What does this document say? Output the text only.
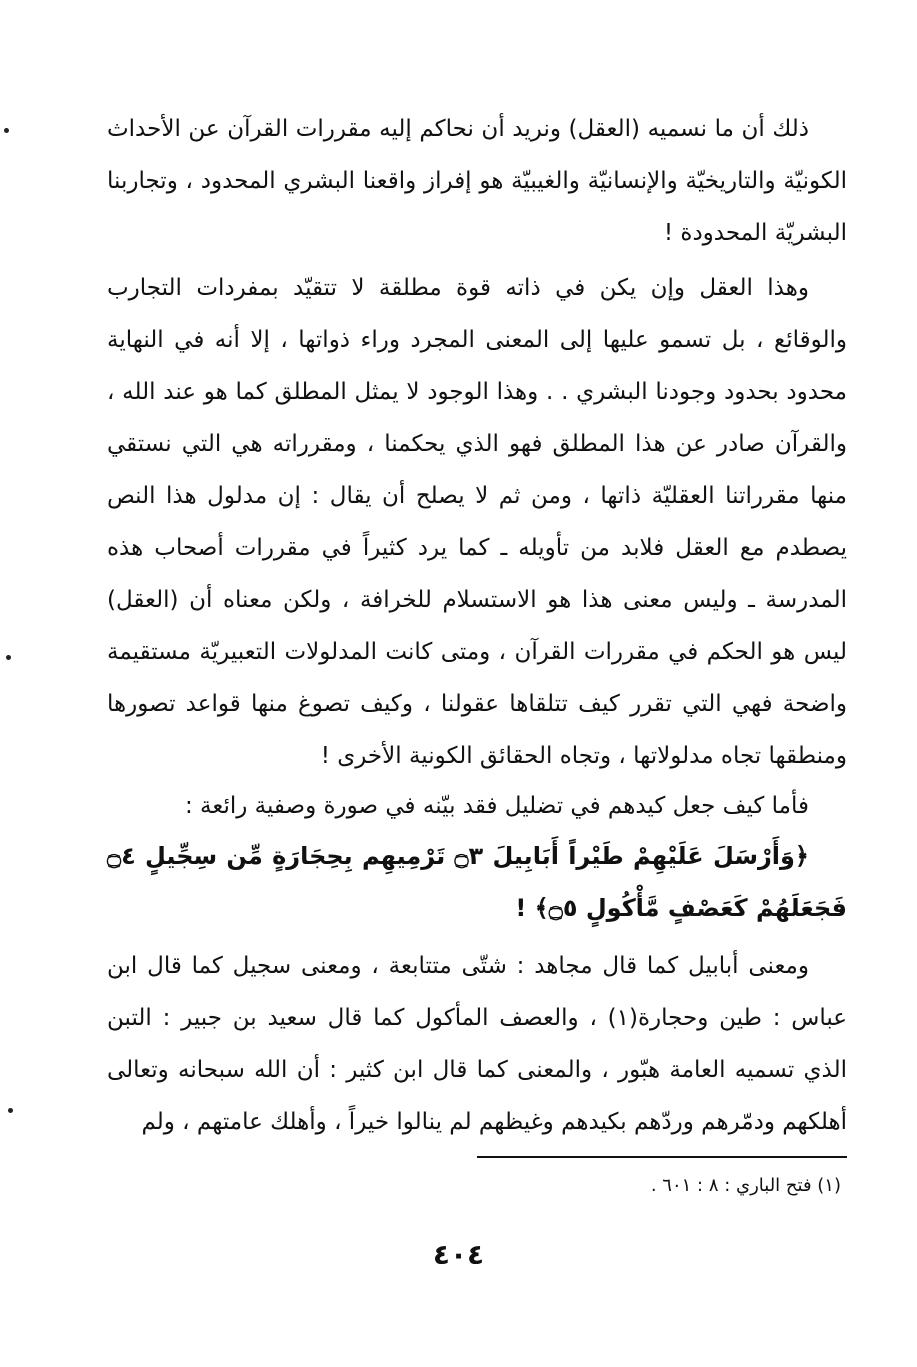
ذلك أن ما نسميه (العقل) ونريد أن نحاكم إليه مقررات القرآن عن الأحداث الكونيّة والتاريخيّة والإنسانيّة والغيبيّة هو إفراز واقعنا البشري المحدود ، وتجاربنا البشريّة المحدودة !

وهذا العقل وإن يكن في ذاته قوة مطلقة لا تتقيّد بمفردات التجارب والوقائع ، بل تسمو عليها إلى المعنى المجرد وراء ذواتها ، إلا أنه في النهاية محدود بحدود وجودنا البشري . . وهذا الوجود لا يمثل المطلق كما هو عند الله ، والقرآن صادر عن هذا المطلق فهو الذي يحكمنا ، ومقرراته هي التي نستقي منها مقرراتنا العقليّة ذاتها ، ومن ثم لا يصلح أن يقال : إن مدلول هذا النص يصطدم مع العقل فلابد من تأويله ـ كما يرد كثيراً في مقررات أصحاب هذه المدرسة ـ وليس معنى هذا هو الاستسلام للخرافة ، ولكن معناه أن (العقل) ليس هو الحكم في مقررات القرآن ، ومتى كانت المدلولات التعبيريّة مستقيمة واضحة فهي التي تقرر كيف تتلقاها عقولنا ، وكيف تصوغ منها قواعد تصورها ومنطقها تجاه مدلولاتها ، وتجاه الحقائق الكونية الأخرى !

فأما كيف جعل كيدهم في تضليل فقد بيّنه في صورة وصفية رائعة :

﴿وَأَرْسَلَ عَلَيْهِمْ طَيْراً أَبَابِيلَ ۝٣ تَرْمِيهِم بِحِجَارَةٍ مِّن سِجِّيلٍ ۝٤ فَجَعَلَهُمْ كَعَصْفٍ مَّأْكُولٍ ۝٥﴾ !

ومعنى أبابيل كما قال مجاهد : شتّى متتابعة ، ومعنى سجيل كما قال ابن عباس : طين وحجارة(١) ، والعصف المأكول كما قال سعيد بن جبير : التبن الذي تسميه العامة هبّور ، والمعنى كما قال ابن كثير : أن الله سبحانه وتعالى أهلكهم ودمّرهم وردّهم بكيدهم وغيظهم لم ينالوا خيراً ، وأهلك عامتهم ، ولم

(١) فتح الباري : ٨ : ٦٠١ .
٤٠٤
